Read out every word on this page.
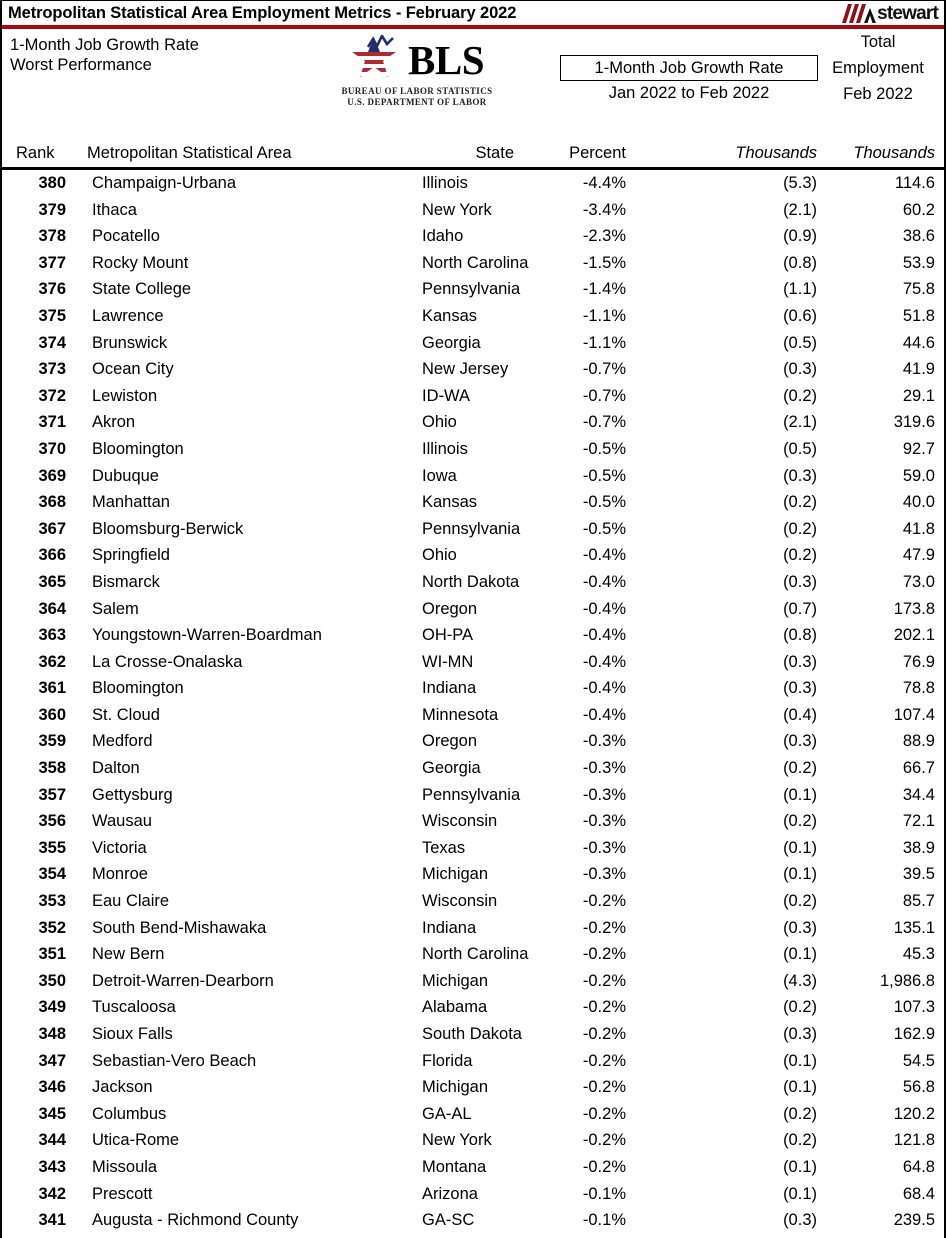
Metropolitan Statistical Area Employment Metrics - February 2022	stewart
1-Month Job Growth Rate
Worst Performance	BLS
BUREAU OF LABOR STATISTICS
U.S. DEPARTMENT OF LABOR
1-Month Job Growth Rate
Jan 2022 to Feb 2022
Total
Employment
Feb 2022
Rank Metropolitan Statistical Area	State	Percent	Thousands	Thousands
380 Champaign-Urbana	Illinois	-4.4%	(5.3)	114.6
379 Ithaca	New York	-3.4%	(2.1)	60.2
378 Pocatello	Idaho	-2.3%	(0.9)	38.6
377 Rocky Mount	North Carolina	-1.5%	(0.8)	53.9
376 State College	Pennsylvania	-1.4%	(1.1)	75.8
375 Lawrence	Kansas	-1.1%	(0.6)	51.8
374 Brunswick	Georgia	-1.1%	(0.5)	44.6
373 Ocean City	New Jersey	-0.7%	(0.3)	41.9
372 Lewiston	ID-WA	-0.7%	(0.2)	29.1
371 Akron	Ohio	-0.7%	(2.1)	319.6
370 Bloomington	Illinois	-0.5%	(0.5)	92.7
369 Dubuque	Iowa	-0.5%	(0.3)	59.0
368 Manhattan	Kansas	-0.5%	(0.2)	40.0
367 Bloomsburg-Berwick	Pennsylvania	-0.5%	(0.2)	41.8
366 Springfield	Ohio	-0.4%	(0.2)	47.9
365 Bismarck	North Dakota	-0.4%	(0.3)	73.0
364 Salem	Oregon	-0.4%	(0.7)	173.8
363 Youngstown-Warren-Boardman	OH-PA	-0.4%	(0.8)	202.1
362 La Crosse-Onalaska	WI-MN	-0.4%	(0.3)	76.9
361 Bloomington	Indiana	-0.4%	(0.3)	78.8
360 St. Cloud	Minnesota	-0.4%	(0.4)	107.4
359 Medford	Oregon	-0.3%	(0.3)	88.9
358 Dalton	Georgia	-0.3%	(0.2)	66.7
357 Gettysburg	Pennsylvania	-0.3%	(0.1)	34.4
356 Wausau	Wisconsin	-0.3%	(0.2)	72.1
355 Victoria	Texas	-0.3%	(0.1)	38.9
354 Monroe	Michigan	-0.3%	(0.1)	39.5
353 Eau Claire	Wisconsin	-0.2%	(0.2)	85.7
352 South Bend-Mishawaka	Indiana	-0.2%	(0.3)	135.1
351 New Bern	North Carolina	-0.2%	(0.1)	45.3
350 Detroit-Warren-Dearborn	Michigan	-0.2%	(4.3)	1,986.8
349 Tuscaloosa	Alabama	-0.2%	(0.2)	107.3
348 Sioux Falls	South Dakota	-0.2%	(0.3)	162.9
347 Sebastian-Vero Beach	Florida	-0.2%	(0.1)	54.5
346 Jackson	Michigan	-0.2%	(0.1)	56.8
345 Columbus	GA-AL	-0.2%	(0.2)	120.2
344 Utica-Rome	New York	-0.2%	(0.2)	121.8
343 Missoula	Montana	-0.2%	(0.1)	64.8
342 Prescott	Arizona	-0.1%	(0.1)	68.4
341 Augusta - Richmond County	GA-SC	-0.1%	(0.3)	239.5
